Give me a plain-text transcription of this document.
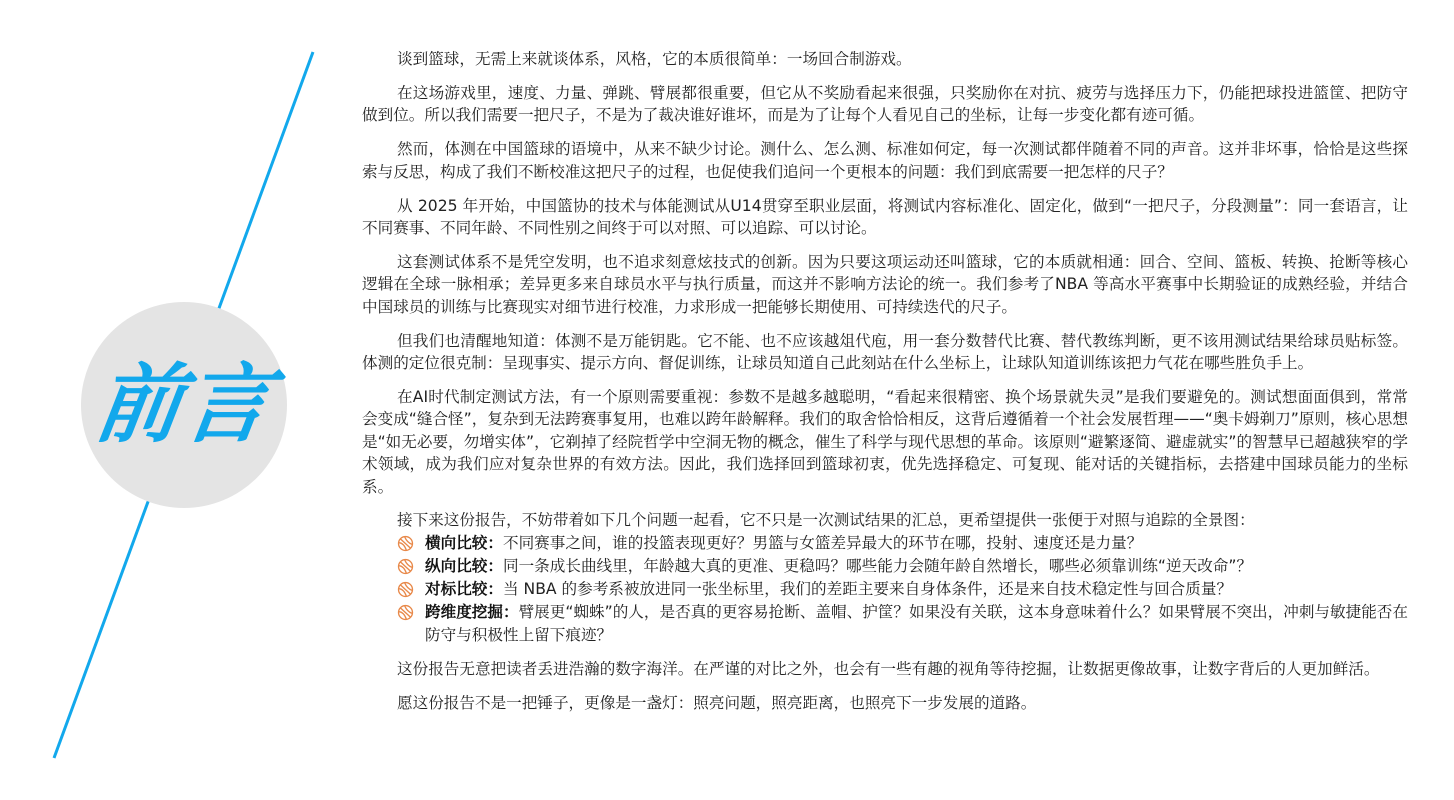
前言

谈到篮球，无需上来就谈体系，风格，它的本质很简单：一场回合制游戏。

在这场游戏里，速度、力量、弹跳、臂展都很重要，但它从不奖励看起来很强，只奖励你在对抗、疲劳与选择压力下，仍能把球投进篮筐、把防守做到位。所以我们需要一把尺子，不是为了裁决谁好谁坏，而是为了让每个人看见自己的坐标，让每一步变化都有迹可循。

然而，体测在中国篮球的语境中，从来不缺少讨论。测什么、怎么测、标准如何定，每一次测试都伴随着不同的声音。这并非坏事，恰恰是这些探索与反思，构成了我们不断校准这把尺子的过程，也促使我们追问一个更根本的问题：我们到底需要一把怎样的尺子？

从 2025 年开始，中国篮协的技术与体能测试从U14贯穿至职业层面，将测试内容标准化、固定化，做到“一把尺子，分段测量”：同一套语言，让不同赛事、不同年龄、不同性别之间终于可以对照、可以追踪、可以讨论。

这套测试体系不是凭空发明，也不追求刻意炫技式的创新。因为只要这项运动还叫篮球，它的本质就相通：回合、空间、篮板、转换、抢断等核心逻辑在全球一脉相承；差异更多来自球员水平与执行质量，而这并不影响方法论的统一。我们参考了NBA 等高水平赛事中长期验证的成熟经验，并结合中国球员的训练与比赛现实对细节进行校准，力求形成一把能够长期使用、可持续迭代的尺子。

但我们也清醒地知道：体测不是万能钥匙。它不能、也不应该越俎代庖，用一套分数替代比赛、替代教练判断，更不该用测试结果给球员贴标签。体测的定位很克制：呈现事实、提示方向、督促训练，让球员知道自己此刻站在什么坐标上，让球队知道训练该把力气花在哪些胜负手上。

在AI时代制定测试方法，有一个原则需要重视：参数不是越多越聪明，“看起来很精密、换个场景就失灵”是我们要避免的。测试想面面俱到，常常会变成“缝合怪”，复杂到无法跨赛事复用，也难以跨年龄解释。我们的取舍恰恰相反，这背后遵循着一个社会发展哲理——“奥卡姆剃刀”原则，核心思想是“如无必要，勿增实体”，它剃掉了经院哲学中空洞无物的概念，催生了科学与现代思想的革命。该原则“避繁逐简、避虚就实”的智慧早已超越狭窄的学术领域，成为我们应对复杂世界的有效方法。因此，我们选择回到篮球初衷，优先选择稳定、可复现、能对话的关键指标，去搭建中国球员能力的坐标系。

接下来这份报告，不妨带着如下几个问题一起看，它不只是一次测试结果的汇总，更希望提供一张便于对照与追踪的全景图：

横向比较：不同赛事之间，谁的投篮表现更好？男篮与女篮差异最大的环节在哪，投射、速度还是力量？
纵向比较：同一条成长曲线里，年龄越大真的更准、更稳吗？哪些能力会随年龄自然增长，哪些必须靠训练“逆天改命”？
对标比较：当 NBA 的参考系被放进同一张坐标里，我们的差距主要来自身体条件，还是来自技术稳定性与回合质量？
跨维度挖掘：臂展更“蜘蛛”的人，是否真的更容易抢断、盖帽、护筐？如果没有关联，这本身意味着什么？如果臂展不突出，冲刺与敏捷能否在防守与积极性上留下痕迹？

这份报告无意把读者丢进浩瀚的数字海洋。在严谨的对比之外，也会有一些有趣的视角等待挖掘，让数据更像故事，让数字背后的人更加鲜活。

愿这份报告不是一把锤子，更像是一盏灯：照亮问题，照亮距离，也照亮下一步发展的道路。
